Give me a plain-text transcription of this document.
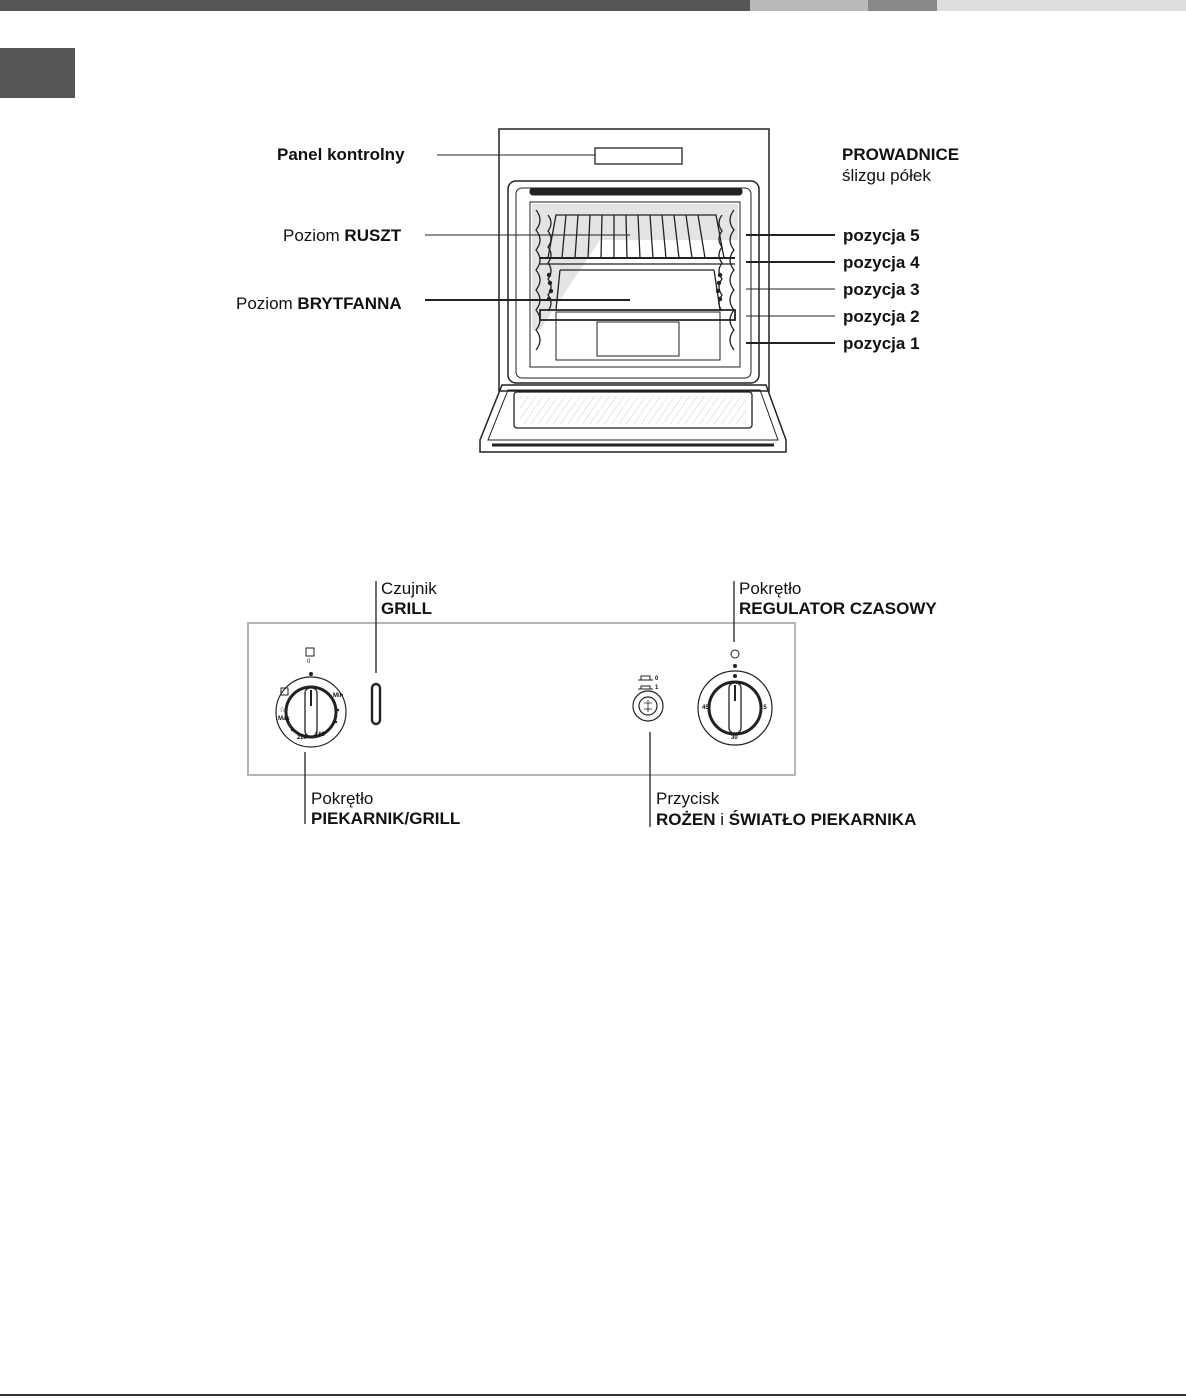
☆
0
Min
Max
220 160
15
30
45
0
1
Panel kontrolny	PROWADNICE
ślizgu półek
Poziom RUSZT
Poziom BRYTFANNA
pozycja 5
pozycja 4
pozycja 3
pozycja 2
pozycja 1
Czujnik
GRILL
Pokrętło
REGULATOR CZASOWY
Pokrętło
PIEKARNIK/GRILL
Przycisk
ROŻEN i ŚWIATŁO PIEKARNIKA
